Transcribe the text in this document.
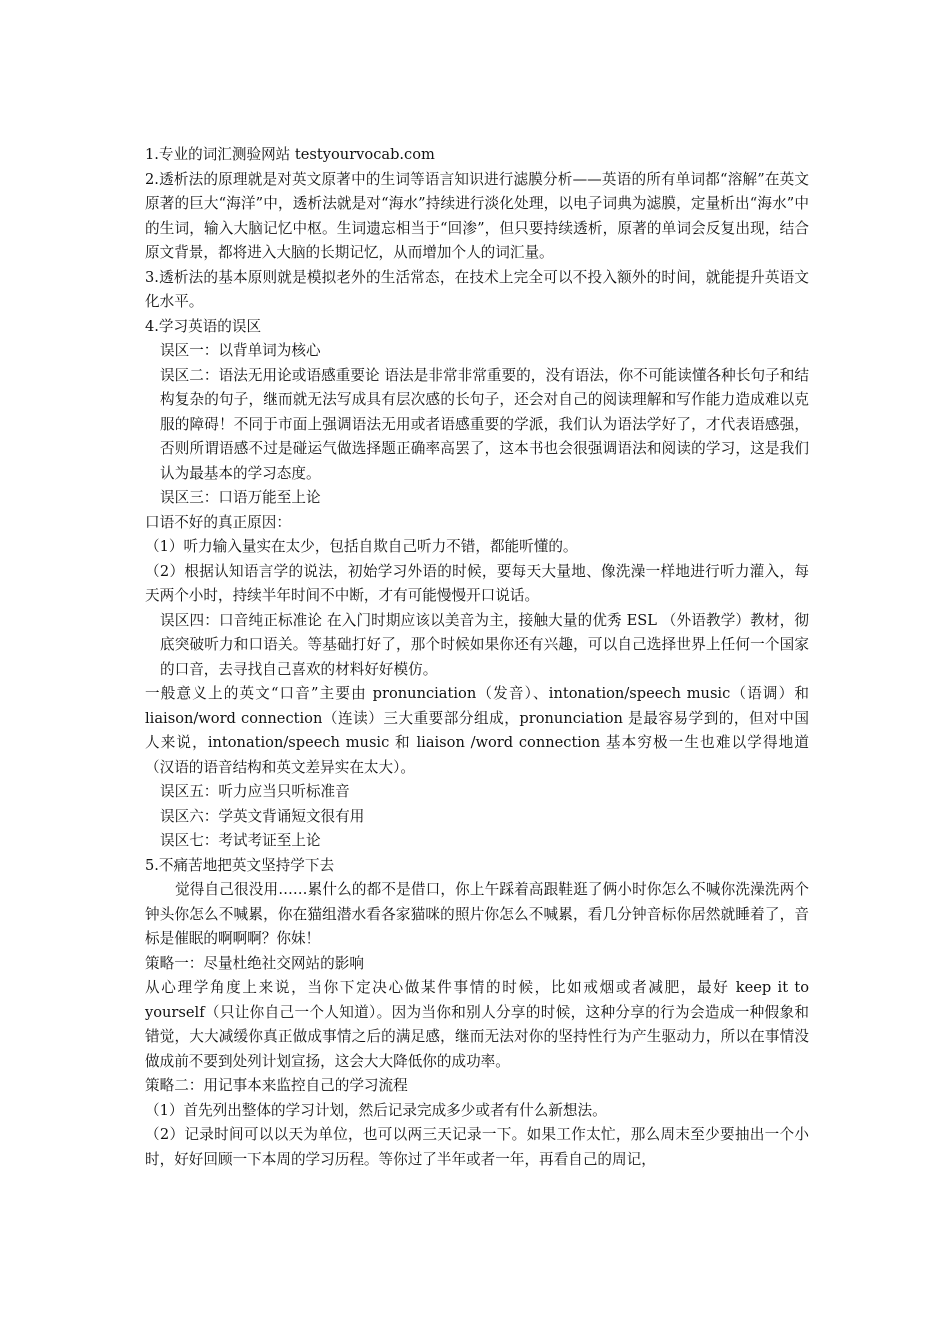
1.专业的词汇测验网站 testyourvocab.com

2.透析法的原理就是对英文原著中的生词等语言知识进行滤膜分析——英语的所有单词都“溶解”在英文原著的巨大“海洋”中，透析法就是对“海水”持续进行淡化处理，以电子词典为滤膜，定量析出“海水”中的生词，输入大脑记忆中枢。生词遗忘相当于“回渗”，但只要持续透析，原著的单词会反复出现，结合原文背景，都将进入大脑的长期记忆，从而增加个人的词汇量。

3.透析法的基本原则就是模拟老外的生活常态，在技术上完全可以不投入额外的时间，就能提升英语文化水平。

4.学习英语的误区

误区一：以背单词为核心

误区二：语法无用论或语感重要论 语法是非常非常重要的，没有语法，你不可能读懂各种长句子和结构复杂的句子，继而就无法写成具有层次感的长句子，还会对自己的阅读理解和写作能力造成难以克服的障碍！不同于市面上强调语法无用或者语感重要的学派，我们认为语法学好了，才代表语感强，否则所谓语感不过是碰运气做选择题正确率高罢了，这本书也会很强调语法和阅读的学习，这是我们认为最基本的学习态度。

误区三：口语万能至上论

口语不好的真正原因：

（1）听力输入量实在太少，包括自欺自己听力不错，都能听懂的。

（2）根据认知语言学的说法，初始学习外语的时候，要每天大量地、像洗澡一样地进行听力灌入，每天两个小时，持续半年时间不中断，才有可能慢慢开口说话。

误区四：口音纯正标准论 在入门时期应该以美音为主，接触大量的优秀 ESL （外语教学）教材，彻底突破听力和口语关。等基础打好了，那个时候如果你还有兴趣，可以自己选择世界上任何一个国家的口音，去寻找自己喜欢的材料好好模仿。

一般意义上的英文“口音”主要由 pronunciation（发音）、intonation/speech music（语调）和 liaison/word connection（连读）三大重要部分组成，pronunciation 是最容易学到的，但对中国人来说，intonation/speech music 和 liaison /word connection 基本穷极一生也难以学得地道（汉语的语音结构和英文差异实在太大）。

误区五：听力应当只听标准音

误区六：学英文背诵短文很有用

误区七：考试考证至上论

5.不痛苦地把英文坚持学下去

觉得自己很没用……累什么的都不是借口，你上午踩着高跟鞋逛了俩小时你怎么不喊你洗澡洗两个钟头你怎么不喊累，你在猫组潜水看各家猫咪的照片你怎么不喊累，看几分钟音标你居然就睡着了，音标是催眠的啊啊啊？你妹！

策略一：尽量杜绝社交网站的影响

从心理学角度上来说，当你下定决心做某件事情的时候，比如戒烟或者减肥，最好 keep it to yourself（只让你自己一个人知道）。因为当你和别人分享的时候，这种分享的行为会造成一种假象和错觉，大大减缓你真正做成事情之后的满足感，继而无法对你的坚持性行为产生驱动力，所以在事情没做成前不要到处列计划宣扬，这会大大降低你的成功率。

策略二：用记事本来监控自己的学习流程

（1）首先列出整体的学习计划，然后记录完成多少或者有什么新想法。

（2）记录时间可以以天为单位，也可以两三天记录一下。如果工作太忙，那么周末至少要抽出一个小时，好好回顾一下本周的学习历程。等你过了半年或者一年，再看自己的周记，
